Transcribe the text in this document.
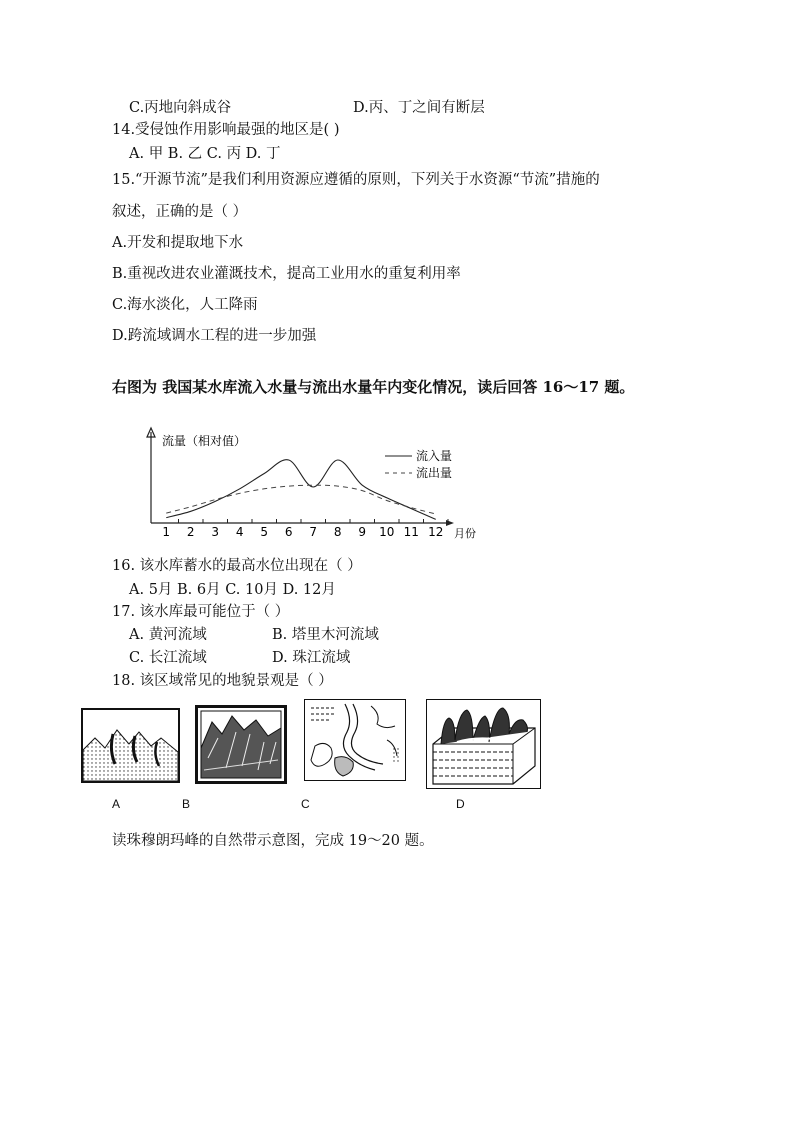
C.丙地向斜成谷	D.丙、丁之间有断层
14.受侵蚀作用影响最强的地区是( )
A. 甲 B. 乙 C. 丙 D. 丁
15.“开源节流”是我们利用资源应遵循的原则，下列关于水资源“节流”措施的
叙述，正确的是（ ）
A.开发和提取地下水
B.重视改进农业灌溉技术，提高工业用水的重复利用率
C.海水淡化，人工降雨
D.跨流域调水工程的进一步加强
右图为 我国某水库流入水量与流出水量年内变化情况，读后回答 16～17 题。
流量（相对值）
月份
1 2 3 4 5 6 7 8 9 10 11 12
流入量
流出量
16. 该水库蓄水的最高水位出现在（ ）
A. 5月 B. 6月 C. 10月 D. 12月
17. 该水库最可能位于（ ）
A. 黄河流域	B. 塔里木河流域
C. 长江流域	D. 珠江流域
18. 该区域常见的地貌景观是（ ）
A	B	C	D
读珠穆朗玛峰的自然带示意图，完成 19～20 题。
